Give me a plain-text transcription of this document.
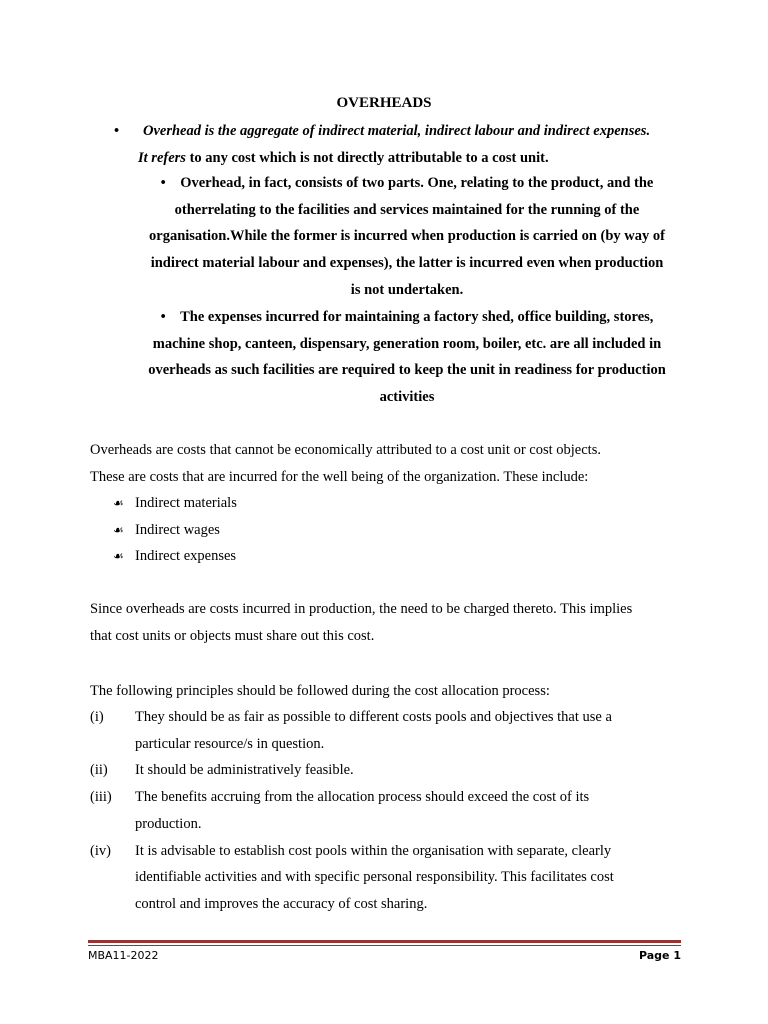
OVERHEADS
• Overhead is the aggregate of indirect material, indirect labour and indirect expenses.
It refers to any cost which is not directly attributable to a cost unit.
• Overhead, in fact, consists of two parts. One, relating to the product, and the
otherrelating to the facilities and services maintained for the running of the
organisation.While the former is incurred when production is carried on (by way of
indirect material labour and expenses), the latter is incurred even when production
is not undertaken.
• The expenses incurred for maintaining a factory shed, office building, stores,
machine shop, canteen, dispensary, generation room, boiler, etc. are all included in
overheads as such facilities are required to keep the unit in readiness for production
activities
Overheads are costs that cannot be economically attributed to a cost unit or cost objects.
These are costs that are incurred for the well being of the organization. These include:
☙ Indirect materials
☙ Indirect wages
☙ Indirect expenses
Since overheads are costs incurred in production, the need to be charged thereto. This implies
that cost units or objects must share out this cost.
The following principles should be followed during the cost allocation process:
(i)	They should be as fair as possible to different costs pools and objectives that use a
particular resource/s in question.
(ii)	It should be administratively feasible.
(iii)	The benefits accruing from the allocation process should exceed the cost of its
production.
(iv)	It is advisable to establish cost pools within the organisation with separate, clearly
identifiable activities and with specific personal responsibility. This facilitates cost
control and improves the accuracy of cost sharing.
MBA11-2022	Page 1
